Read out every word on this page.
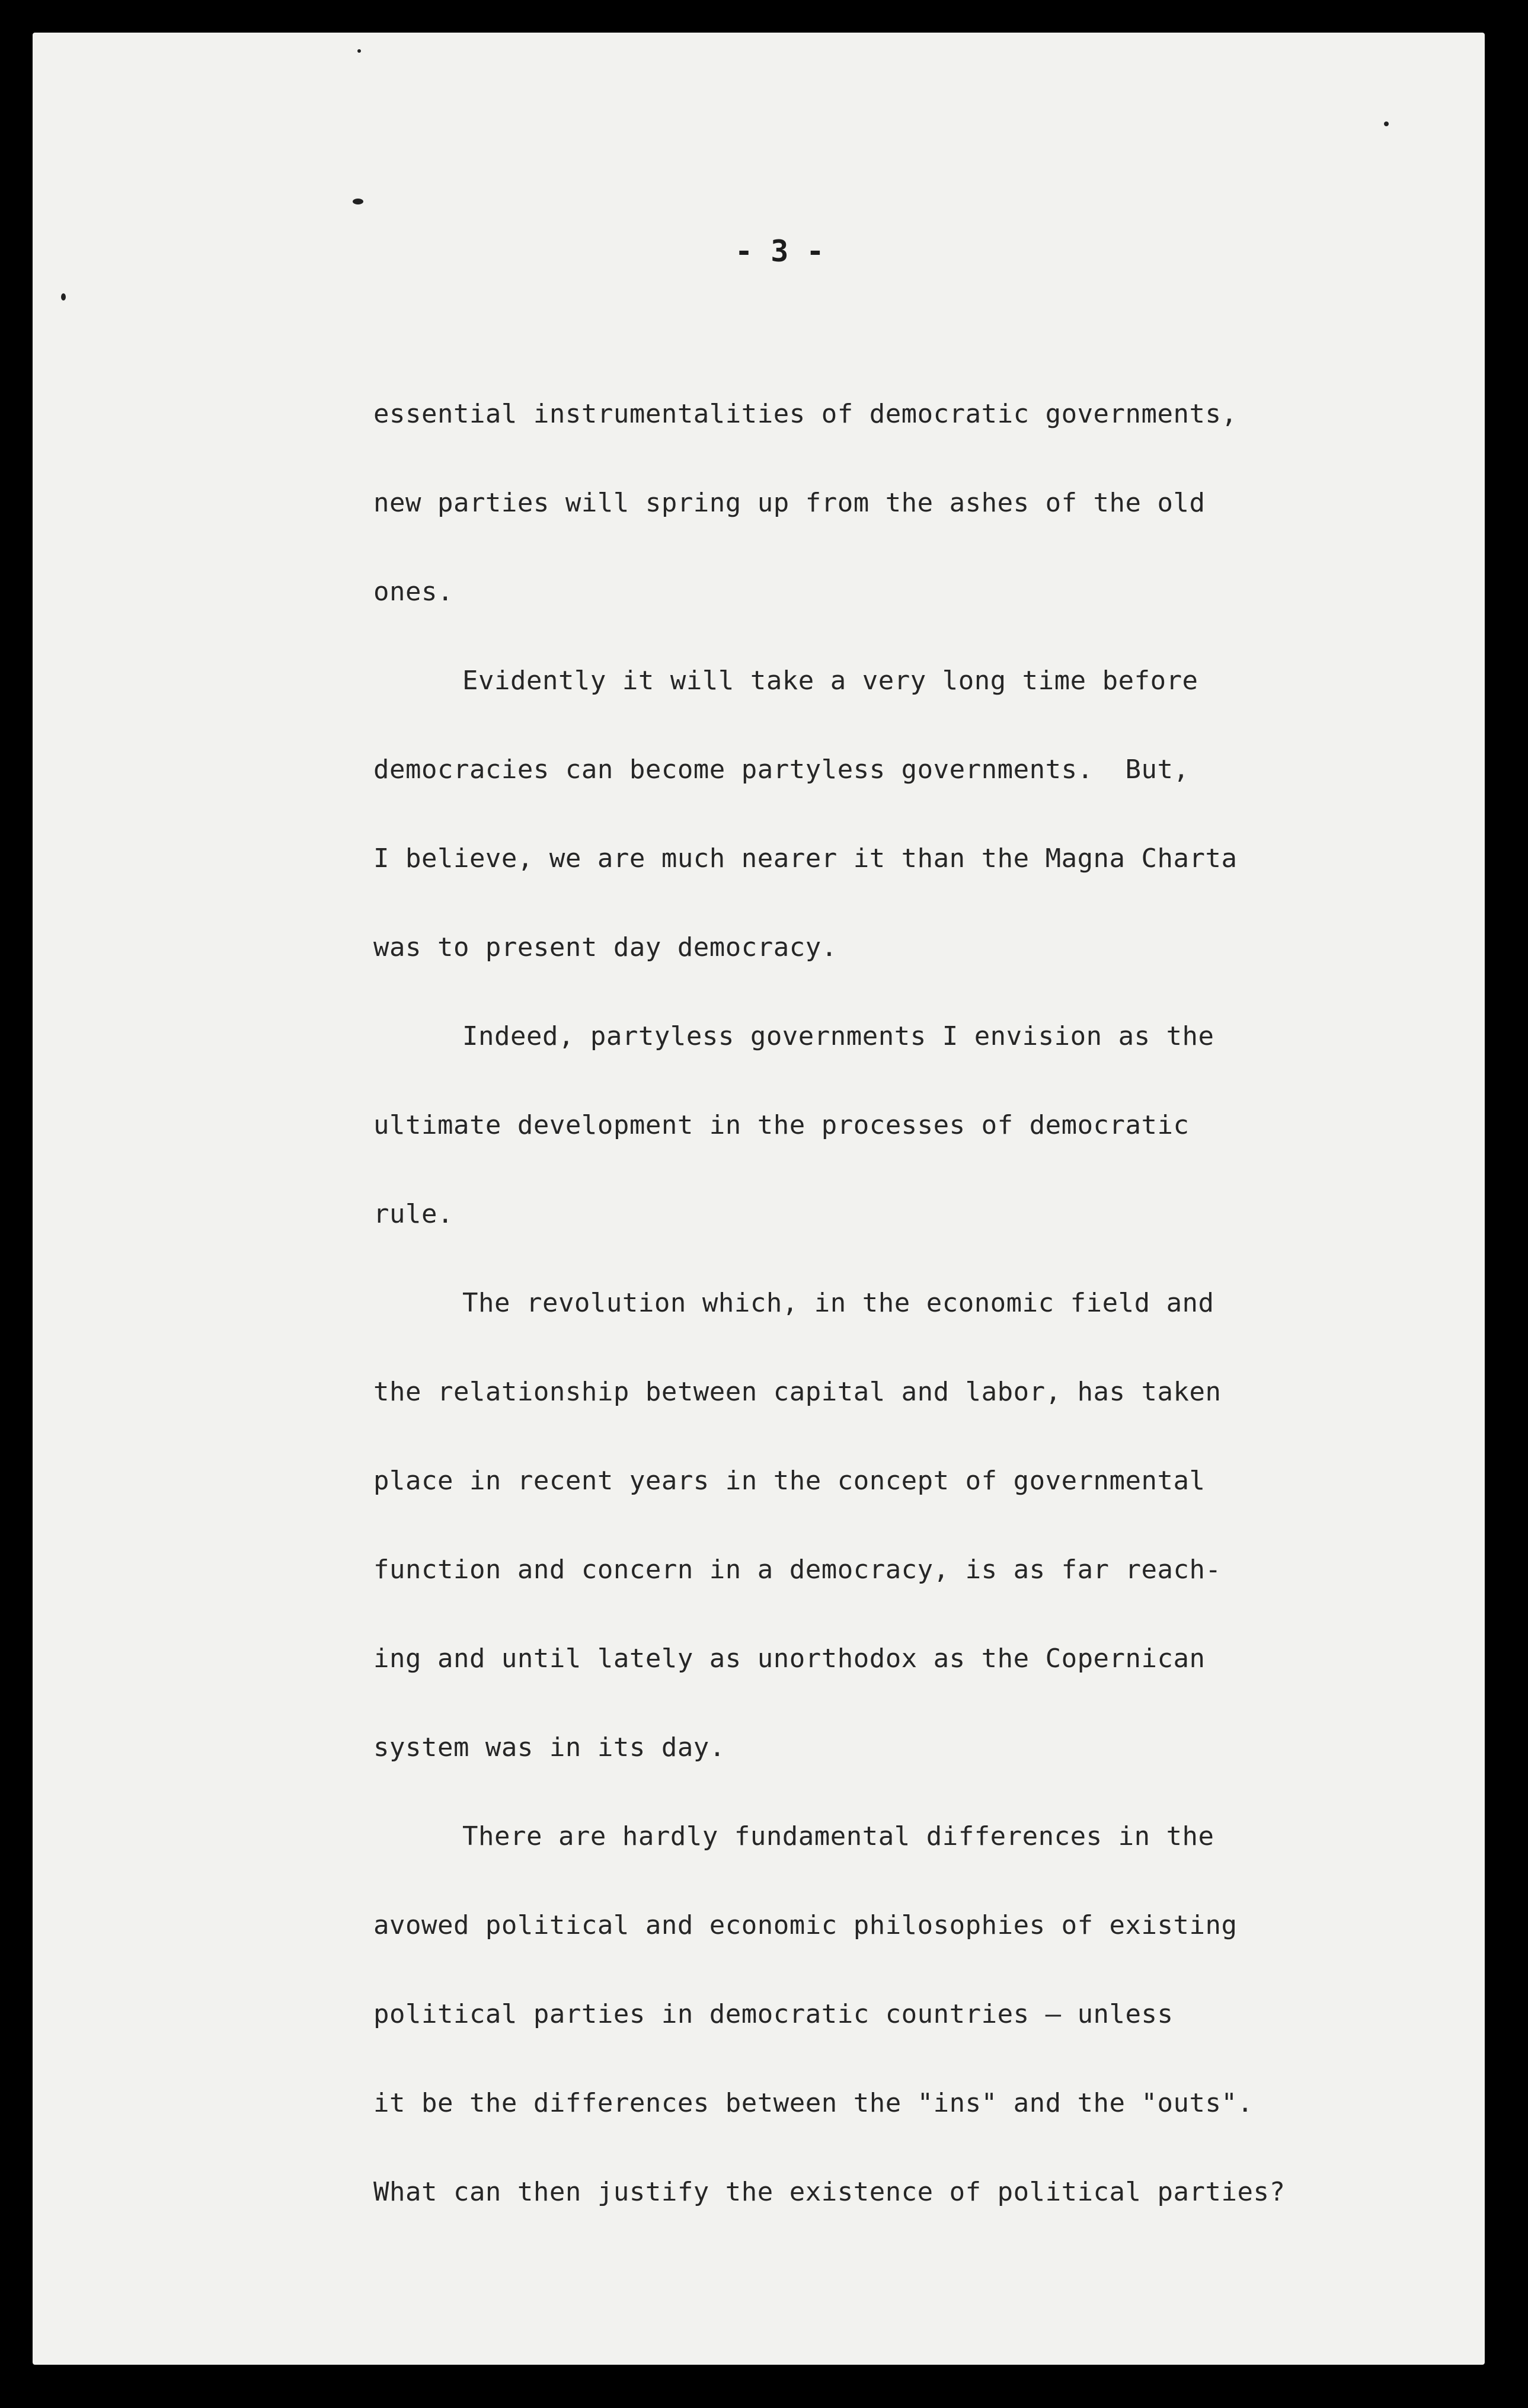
- 3 -
essential instrumentalities of democratic governments,
new parties will spring up from the ashes of the old
ones.
Evidently it will take a very long time before
democracies can become partyless governments.  But,
I believe, we are much nearer it than the Magna Charta
was to present day democracy.
Indeed, partyless governments I envision as the
ultimate development in the processes of democratic
rule.
The revolution which, in the economic field and
the relationship between capital and labor, has taken
place in recent years in the concept of governmental
function and concern in a democracy, is as far reach-
ing and until lately as unorthodox as the Copernican
system was in its day.
There are hardly fundamental differences in the
avowed political and economic philosophies of existing
political parties in democratic countries — unless
it be the differences between the "ins" and the "outs".
What can then justify the existence of political parties?
